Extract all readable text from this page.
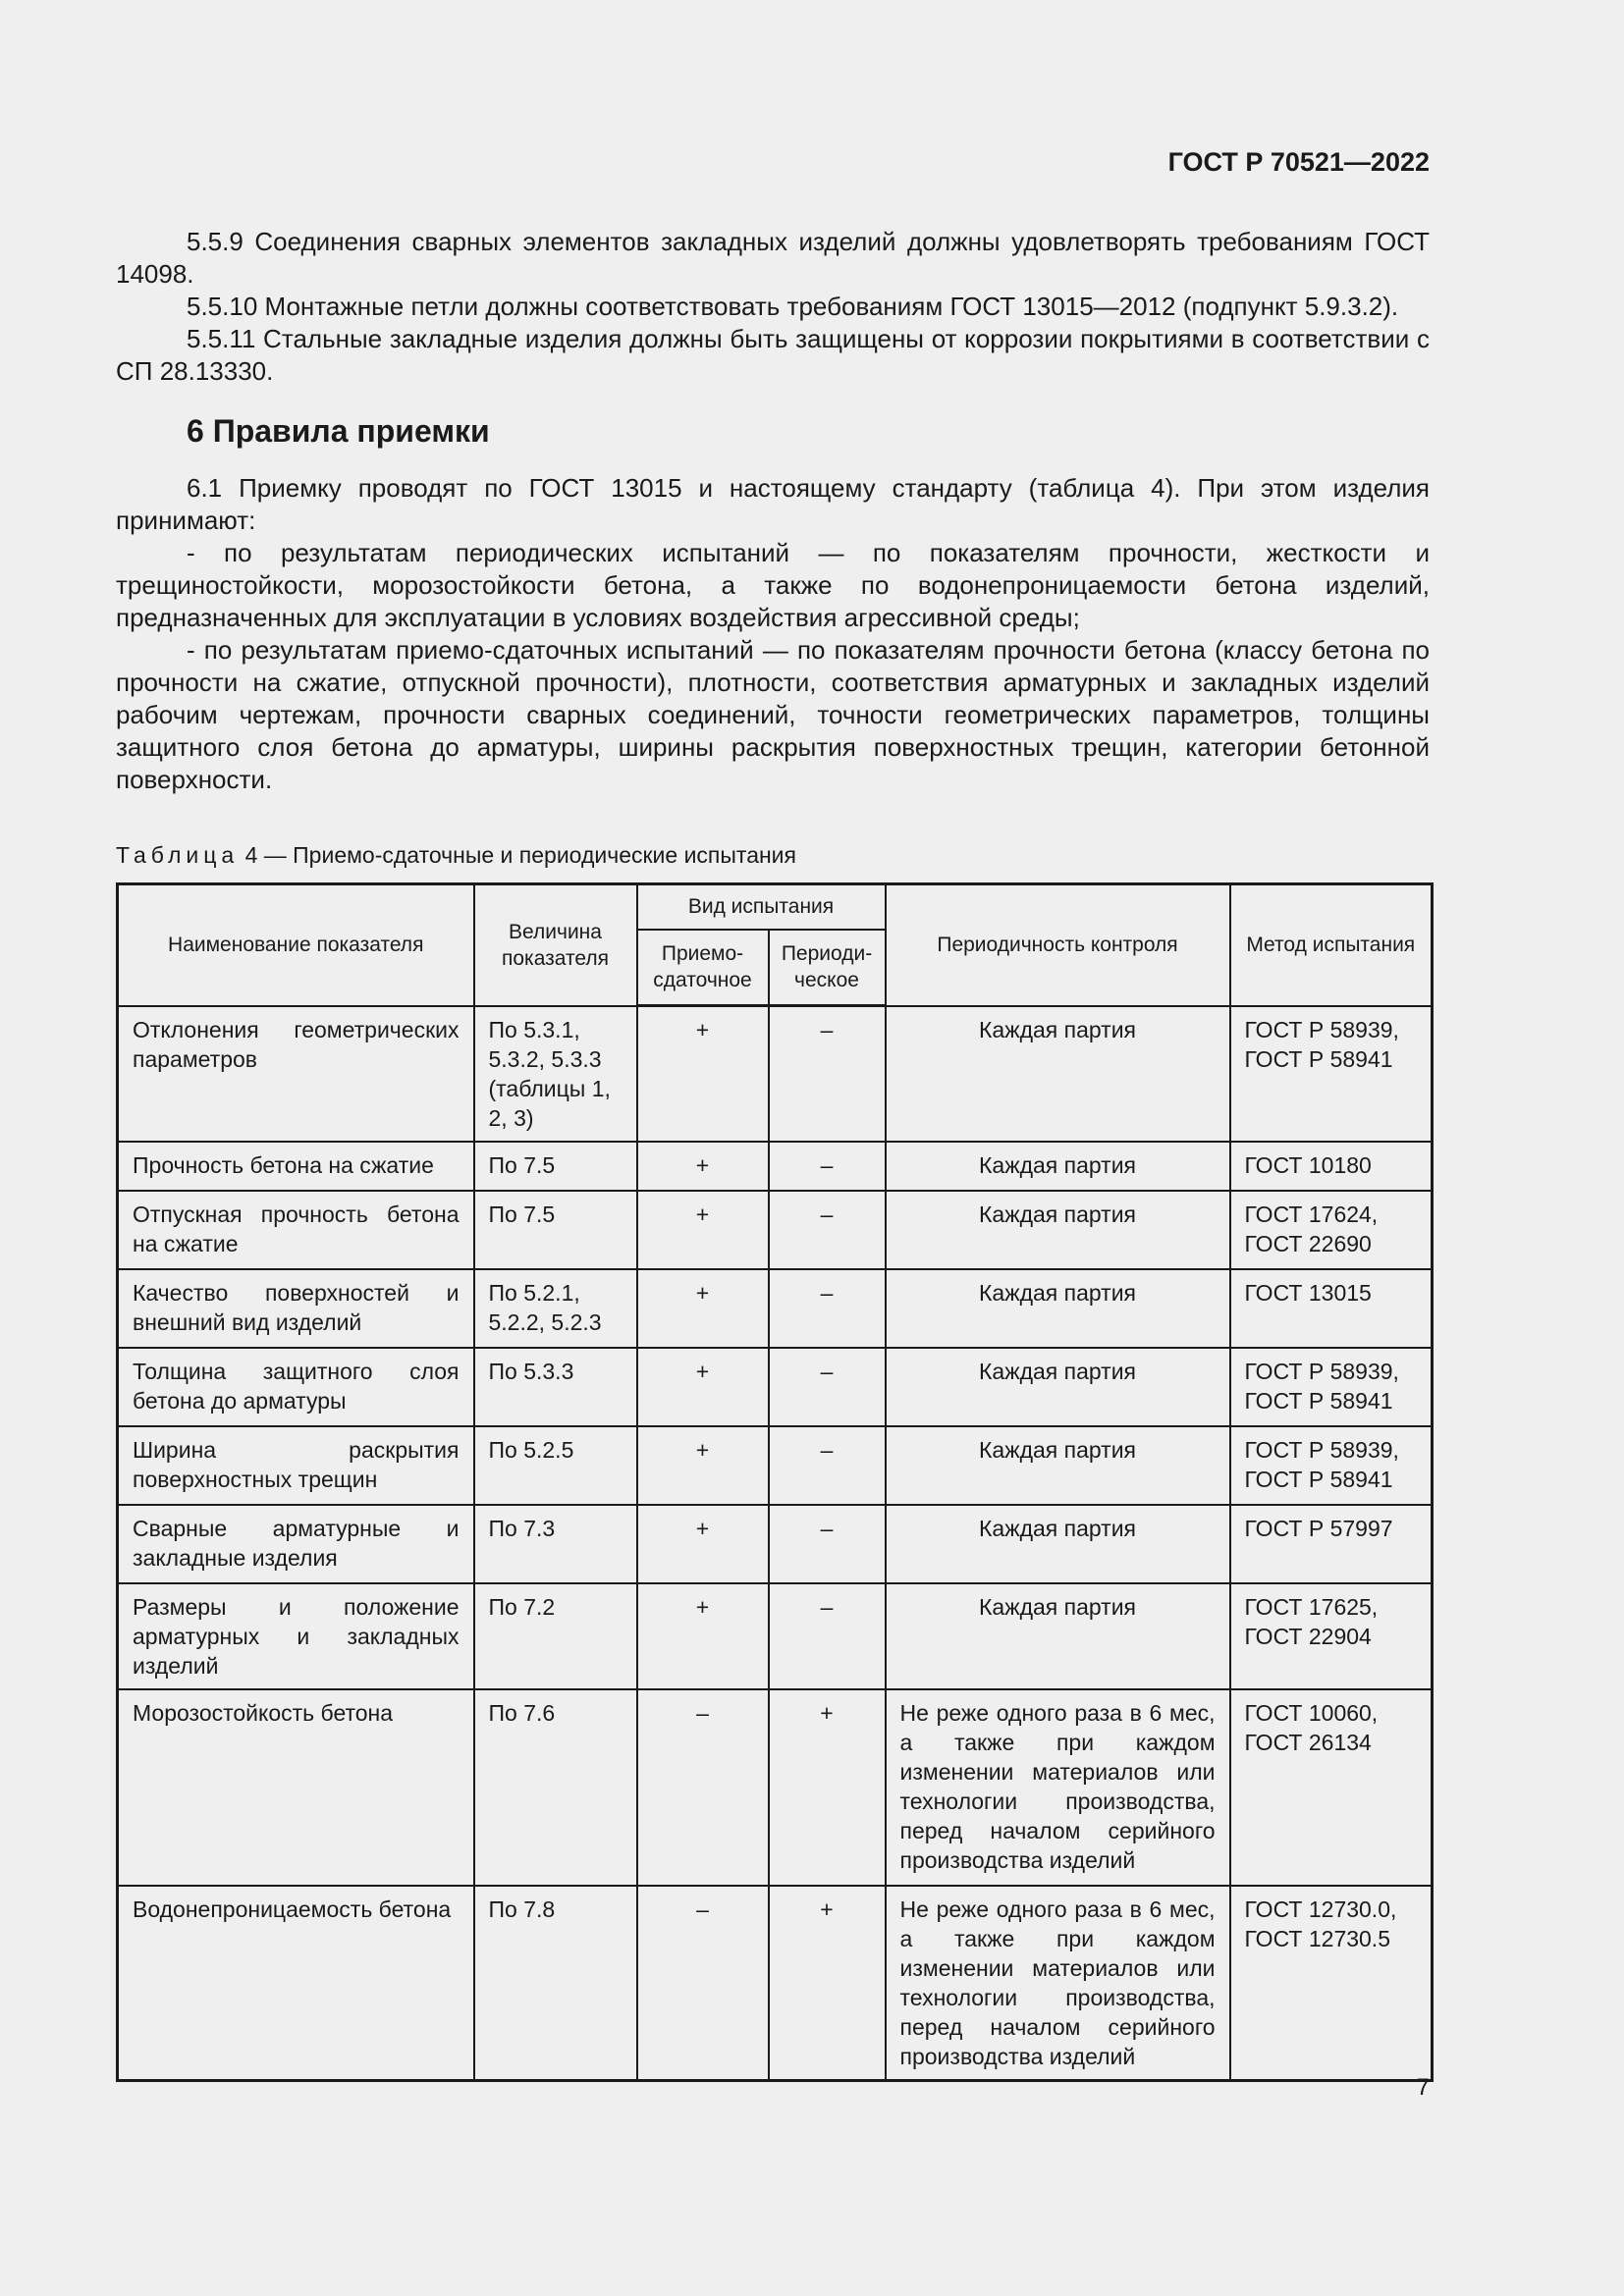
ГОСТ Р 70521—2022

5.5.9 Соединения сварных элементов закладных изделий должны удовлетворять требованиям ГОСТ 14098.

5.5.10 Монтажные петли должны соответствовать требованиям ГОСТ 13015—2012 (подпункт 5.9.3.2).

5.5.11 Стальные закладные изделия должны быть защищены от коррозии покрытиями в соответствии с СП 28.13330.

6 Правила приемки

6.1 Приемку проводят по ГОСТ 13015 и настоящему стандарту (таблица 4). При этом изделия принимают:

- по результатам периодических испытаний — по показателям прочности, жесткости и трещиностойкости, морозостойкости бетона, а также по водонепроницаемости бетона изделий, предназначенных для эксплуатации в условиях воздействия агрессивной среды;

- по результатам приемо-сдаточных испытаний — по показателям прочности бетона (классу бетона по прочности на сжатие, отпускной прочности), плотности, соответствия арматурных и закладных изделий рабочим чертежам, прочности сварных соединений, точности геометрических параметров, толщины защитного слоя бетона до арматуры, ширины раскрытия поверхностных трещин, категории бетонной поверхности.

Таблица 4 — Приемо-сдаточные и периодические испытания
Наименование показателя	Величина показателя	Вид испытания		Периодичность контроля	Метод испытания
		Приемо-сдаточное	Периоди-ческое		
Отклонения геометрических параметров	По 5.3.1, 5.3.2, 5.3.3 (таблицы 1, 2, 3)	+	–	Каждая партия	ГОСТ Р 58939, ГОСТ Р 58941
Прочность бетона на сжатие	По 7.5	+	–	Каждая партия	ГОСТ 10180
Отпускная прочность бетона на сжатие	По 7.5	+	–	Каждая партия	ГОСТ 17624, ГОСТ 22690
Качество поверхностей и внешний вид изделий	По 5.2.1, 5.2.2, 5.2.3	+	–	Каждая партия	ГОСТ 13015
Толщина защитного слоя бетона до арматуры	По 5.3.3	+	–	Каждая партия	ГОСТ Р 58939, ГОСТ Р 58941
Ширина раскрытия поверхностных трещин	По 5.2.5	+	–	Каждая партия	ГОСТ Р 58939, ГОСТ Р 58941
Сварные арматурные и закладные изделия	По 7.3	+	–	Каждая партия	ГОСТ Р 57997
Размеры и положение арматурных и закладных изделий	По 7.2	+	–	Каждая партия	ГОСТ 17625, ГОСТ 22904
Морозостойкость бетона	По 7.6	–	+	Не реже одного раза в 6 мес, а также при каждом изменении материалов или технологии производства, перед началом серийного производства изделий	ГОСТ 10060, ГОСТ 26134
Водонепроницаемость бетона	По 7.8	–	+	Не реже одного раза в 6 мес, а также при каждом изменении материалов или технологии производства, перед началом серийного производства изделий	ГОСТ 12730.0, ГОСТ 12730.5
7
